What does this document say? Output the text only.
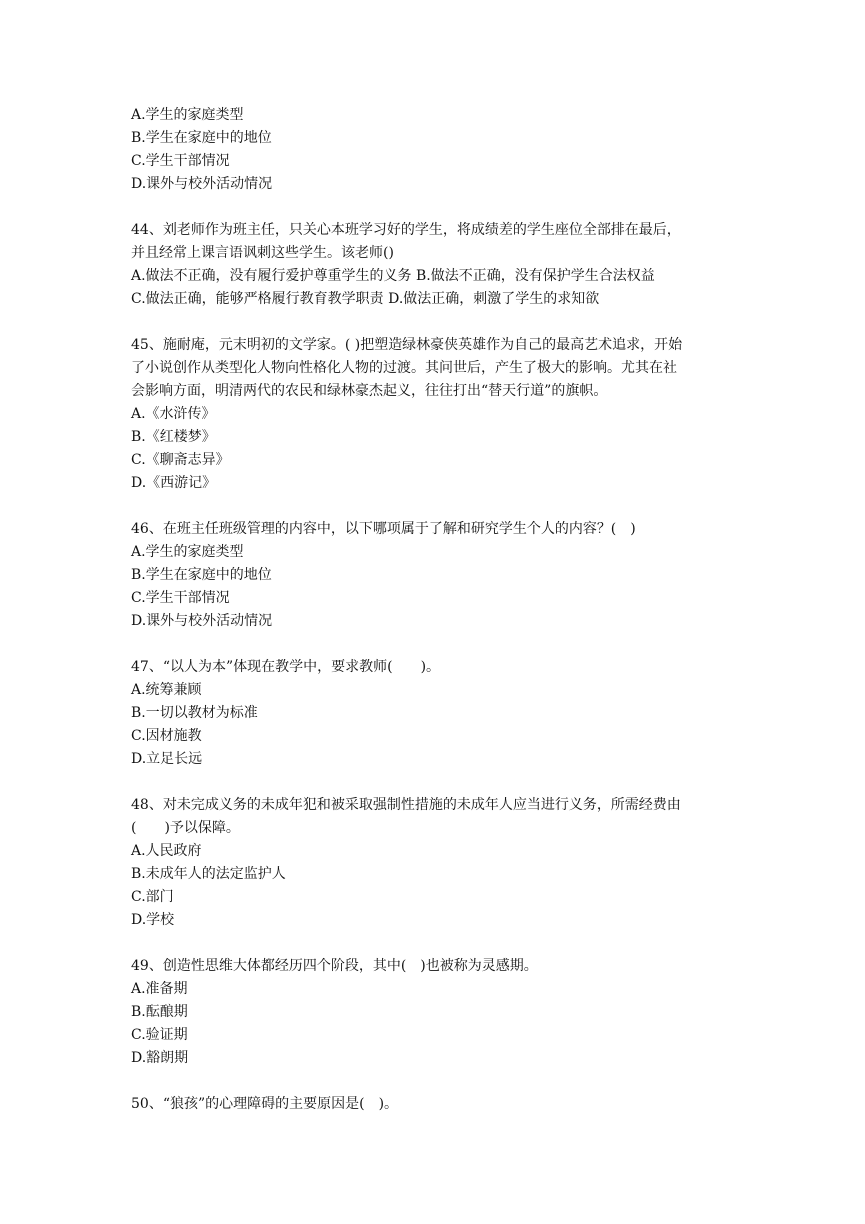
A.学生的家庭类型
B.学生在家庭中的地位
C.学生干部情况
D.课外与校外活动情况
44、刘老师作为班主任，只关心本班学习好的学生，将成绩差的学生座位全部排在最后，
并且经常上课言语讽刺这些学生。该老师()
A.做法不正确，没有履行爱护尊重学生的义务 B.做法不正确，没有保护学生合法权益
C.做法正确，能够严格履行教育教学职责 D.做法正确，刺激了学生的求知欲
45、施耐庵，元末明初的文学家。( )把塑造绿林豪侠英雄作为自己的最高艺术追求，开始
了小说创作从类型化人物向性格化人物的过渡。其问世后，产生了极大的影响。尤其在社
会影响方面，明清两代的农民和绿林豪杰起义，往往打出“替天行道”的旗帜。
A.《水浒传》
B.《红楼梦》
C.《聊斋志异》
D.《西游记》
46、在班主任班级管理的内容中，以下哪项属于了解和研究学生个人的内容？(　)
A.学生的家庭类型
B.学生在家庭中的地位
C.学生干部情况
D.课外与校外活动情况
47、“以人为本”体现在教学中，要求教师(　　)。
A.统筹兼顾
B.一切以教材为标准
C.因材施教
D.立足长远
48、对未完成义务的未成年犯和被采取强制性措施的未成年人应当进行义务，所需经费由
(　　)予以保障。
A.人民政府
B.未成年人的法定监护人
C.部门
D.学校
49、创造性思维大体都经历四个阶段，其中(　)也被称为灵感期。
A.准备期
B.酝酿期
C.验证期
D.豁朗期
50、“狼孩”的心理障碍的主要原因是(　)。
